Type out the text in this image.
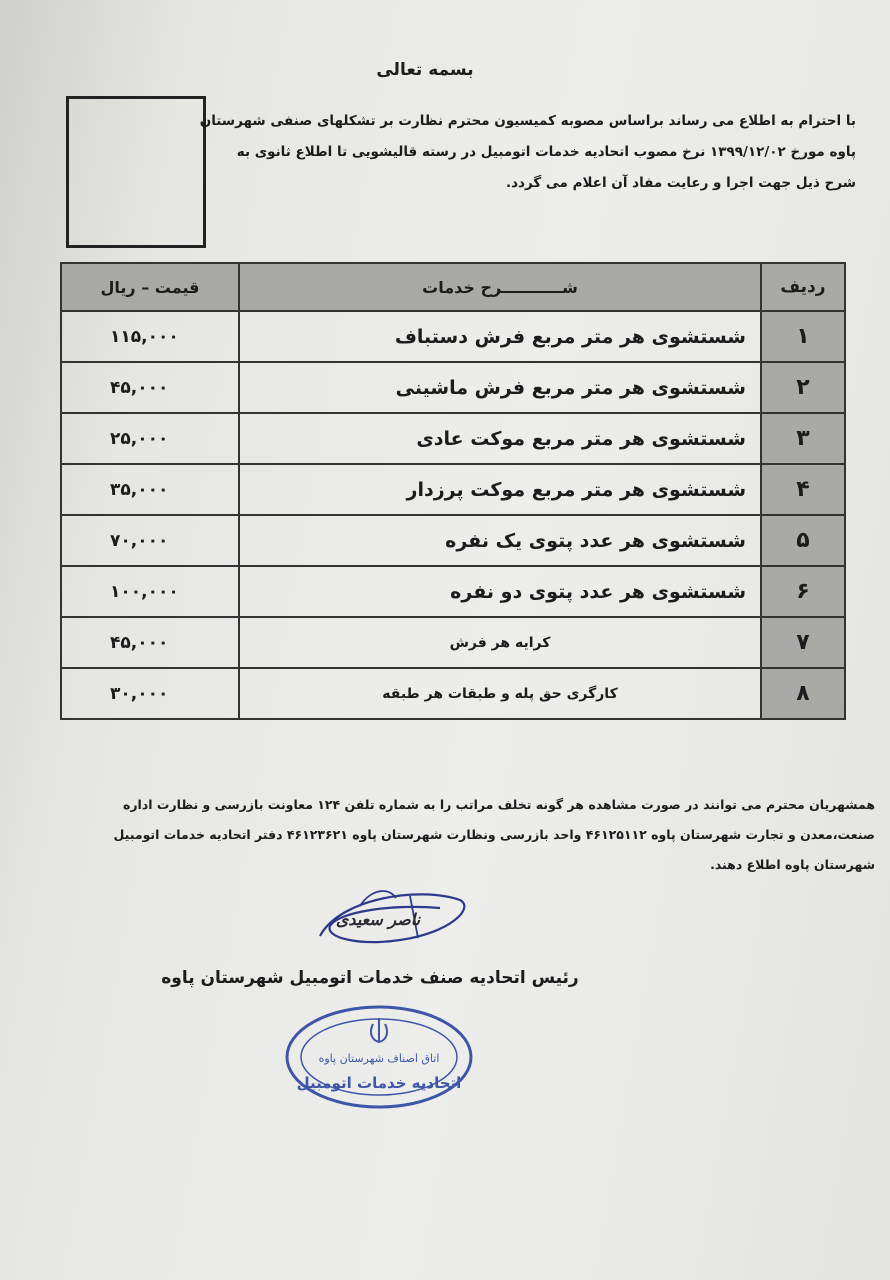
بسمه تعالی
با احترام به اطلاع می رساند براساس مصوبه کمیسیون محترم نظارت بر تشکلهای صنفی شهرستان
پاوه مورخ ۱۳۹۹/۱۲/۰۲ نرخ مصوب اتحادیه خدمات اتومبیل در رسته قالیشویی تا اطلاع ثانوی به
شرح ذیل جهت اجرا و رعایت مفاد آن اعلام می گردد.
ردیف	شـــــــــــرح خدمات	قیمت – ریال
۱	شستشوی هر متر مربع فرش دستباف	۱۱۵,۰۰۰
۲	شستشوی هر متر مربع فرش ماشینی	۴۵,۰۰۰
۳	شستشوی هر متر مربع موکت عادی	۲۵,۰۰۰
۴	شستشوی هر متر مربع موکت پرزدار	۳۵,۰۰۰
۵	شستشوی هر عدد پتوی یک نفره	۷۰,۰۰۰
۶	شستشوی هر عدد پتوی دو نفره	۱۰۰,۰۰۰
۷	کرایه هر فرش	۴۵,۰۰۰
۸	کارگری حق پله و طبقات هر طبقه	۳۰,۰۰۰
همشهریان محترم می توانند در صورت مشاهده هر گونه تخلف مراتب را به شماره تلفن ۱۲۴ معاونت بازرسی و نظارت اداره
صنعت،معدن و تجارت شهرستان پاوه ۴۶۱۲۵۱۱۲ واحد بازرسی ونظارت شهرستان پاوه ۴۶۱۲۳۶۲۱ دفتر اتحادیه خدمات اتومبیل
شهرستان پاوه اطلاع دهند.
ناصر سعیدی
رئیس اتحادیه صنف خدمات اتومبیل شهرستان پاوه
اتاق اصناف شهرستان پاوه
اتحادیه خدمات اتومبیل
